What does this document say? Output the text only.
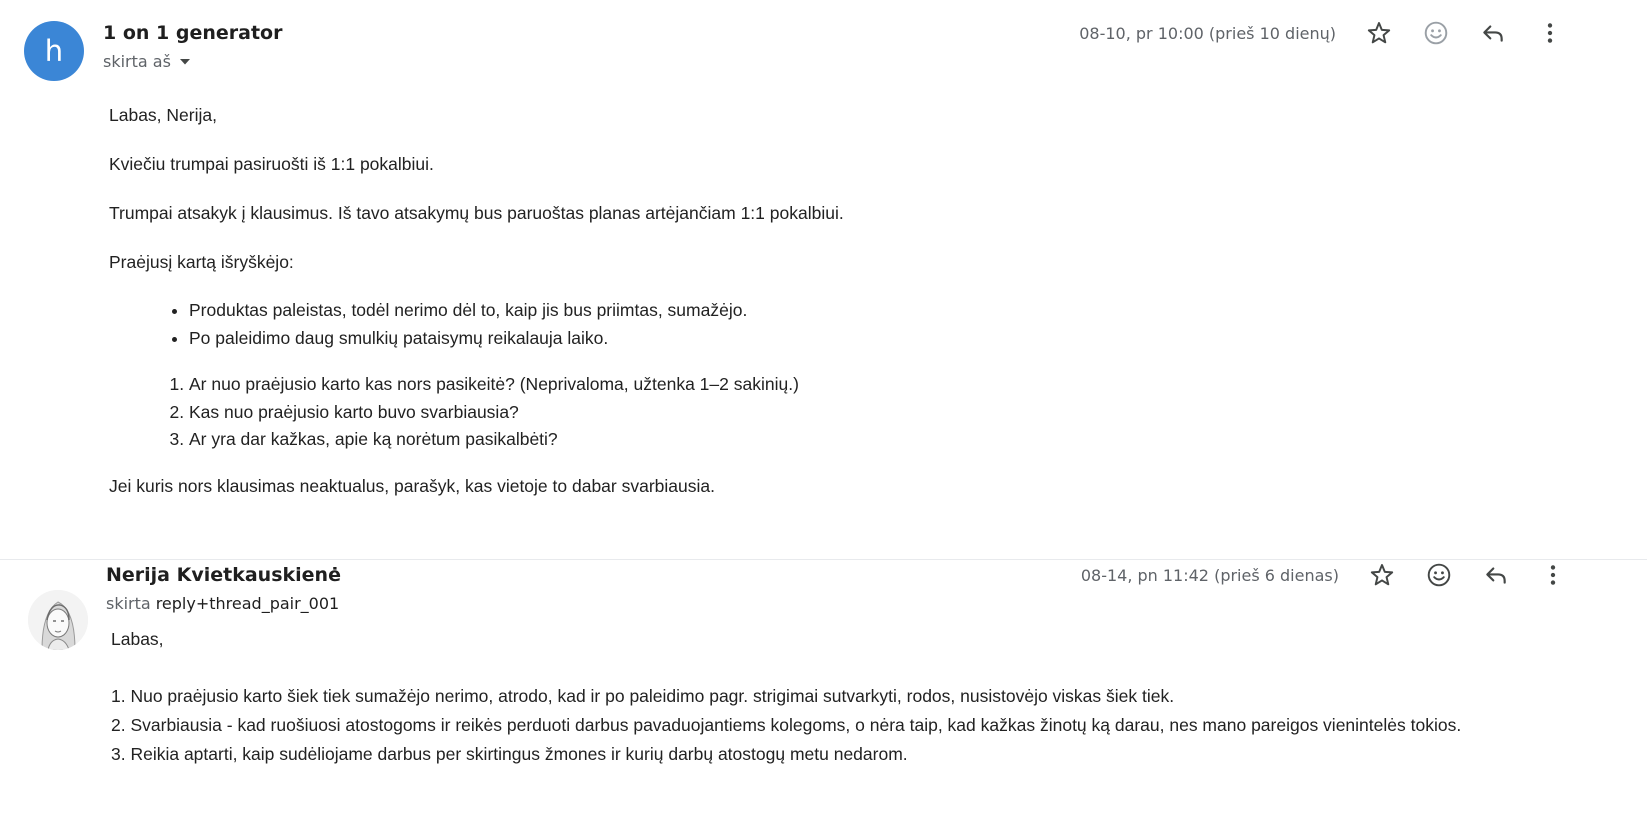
h
1 on 1 generator
skirta aš
08-10, pr 10:00 (prieš 10 dienų)

Labas, Nerija,

Kviečiu trumpai pasiruošti iš 1:1 pokalbiui.

Trumpai atsakyk į klausimus. Iš tavo atsakymų bus paruoštas planas artėjančiam 1:1 pokalbiui.

Praėjusį kartą išryškėjo:

• Produktas paleistas, todėl nerimo dėl to, kaip jis bus priimtas, sumažėjo.
• Po paleidimo daug smulkių pataisymų reikalauja laiko.
1. Ar nuo praėjusio karto kas nors pasikeitė? (Neprivaloma, užtenka 1–2 sakinių.)
2. Kas nuo praėjusio karto buvo svarbiausia?
3. Ar yra dar kažkas, apie ką norėtum pasikalbėti?

Jei kuris nors klausimas neaktualus, parašyk, kas vietoje to dabar svarbiausia.

Nerija Kvietkauskienė
skirta reply+thread_pair_001
08-14, pn 11:42 (prieš 6 dienas)

Labas,

1. Nuo praėjusio karto šiek tiek sumažėjo nerimo, atrodo, kad ir po paleidimo pagr. strigimai sutvarkyti, rodos, nusistovėjo viskas šiek tiek.

2. Svarbiausia - kad ruošiuosi atostogoms ir reikės perduoti darbus pavaduojantiems kolegoms, o nėra taip, kad kažkas žinotų ką darau, nes mano pareigos vienintelės tokios.

3. Reikia aptarti, kaip sudėliojame darbus per skirtingus žmones ir kurių darbų atostogų metu nedarom.
